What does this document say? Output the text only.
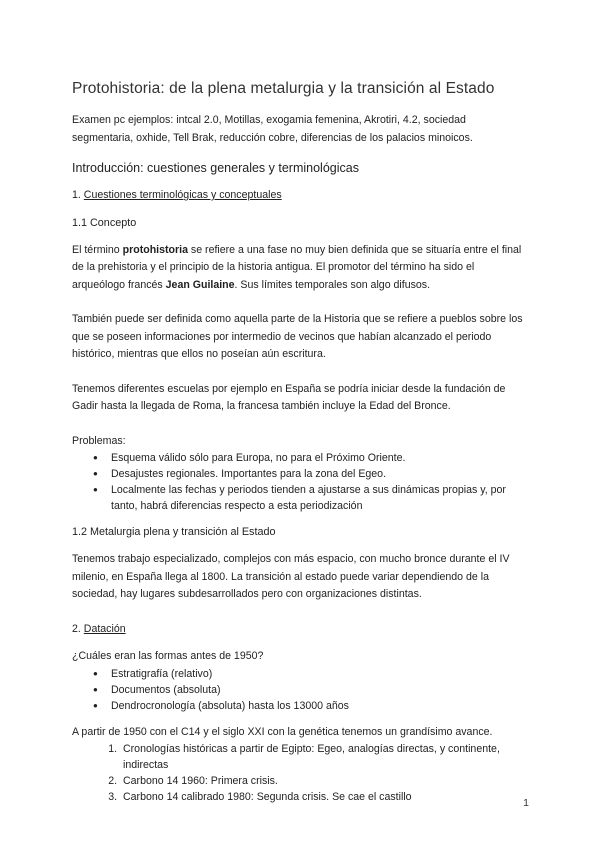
Protohistoria: de la plena metalurgia y la transición al Estado

Examen pc ejemplos: intcal 2.0, Motillas, exogamia femenina, Akrotiri, 4.2, sociedad segmentaria, oxhide, Tell Brak, reducción cobre, diferencias de los palacios minoicos.

Introducción: cuestiones generales y terminológicas

1. Cuestiones terminológicas y conceptuales

1.1 Concepto

El término protohistoria se refiere a una fase no muy bien definida que se situaría entre el final de la prehistoria y el principio de la historia antigua. El promotor del término ha sido el arqueólogo francés Jean Guilaine. Sus límites temporales son algo difusos.

También puede ser definida como aquella parte de la Historia que se refiere a pueblos sobre los que se poseen informaciones por intermedio de vecinos que habían alcanzado el periodo histórico, mientras que ellos no poseían aún escritura.

Tenemos diferentes escuelas por ejemplo en España se podría iniciar desde la fundación de Gadir hasta la llegada de Roma, la francesa también incluye la Edad del Bronce.

Problemas:

● Esquema válido sólo para Europa, no para el Próximo Oriente.
● Desajustes regionales. Importantes para la zona del Egeo.
● Localmente las fechas y periodos tienden a ajustarse a sus dinámicas propias y, por tanto, habrá diferencias respecto a esta periodización

1.2 Metalurgia plena y transición al Estado

Tenemos trabajo especializado, complejos con más espacio, con mucho bronce durante el IV milenio, en España llega al 1800. La transición al estado puede variar dependiendo de la sociedad, hay lugares subdesarrollados pero con organizaciones distintas.

2. Datación

¿Cuáles eran las formas antes de 1950?

● Estratigrafía (relativo)
● Documentos (absoluta)
● Dendrocronología (absoluta) hasta los 13000 años

A partir de 1950 con el C14 y el siglo XXI con la genética tenemos un grandísimo avance.

1. Cronologías históricas a partir de Egipto: Egeo, analogías directas, y continente, indirectas
2. Carbono 14 1960: Primera crisis.
3. Carbono 14 calibrado 1980: Segunda crisis. Se cae el castillo	1
